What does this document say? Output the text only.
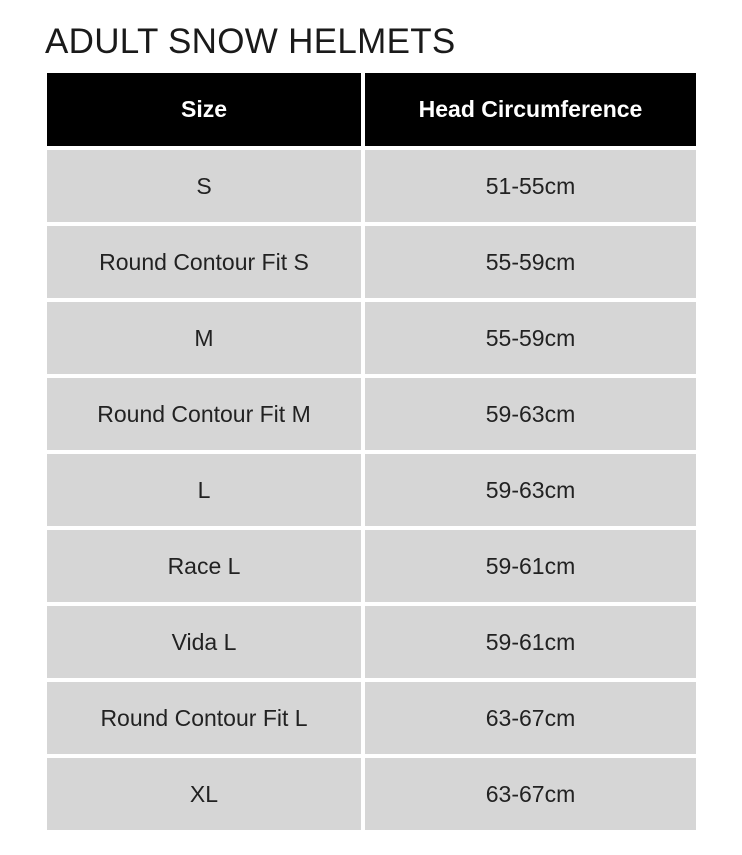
ADULT SNOW HELMETS
Size	Head Circumference
S	51-55cm
Round Contour Fit S	55-59cm
M	55-59cm
Round Contour Fit M	59-63cm
L	59-63cm
Race L	59-61cm
Vida L	59-61cm
Round Contour Fit L	63-67cm
XL	63-67cm
